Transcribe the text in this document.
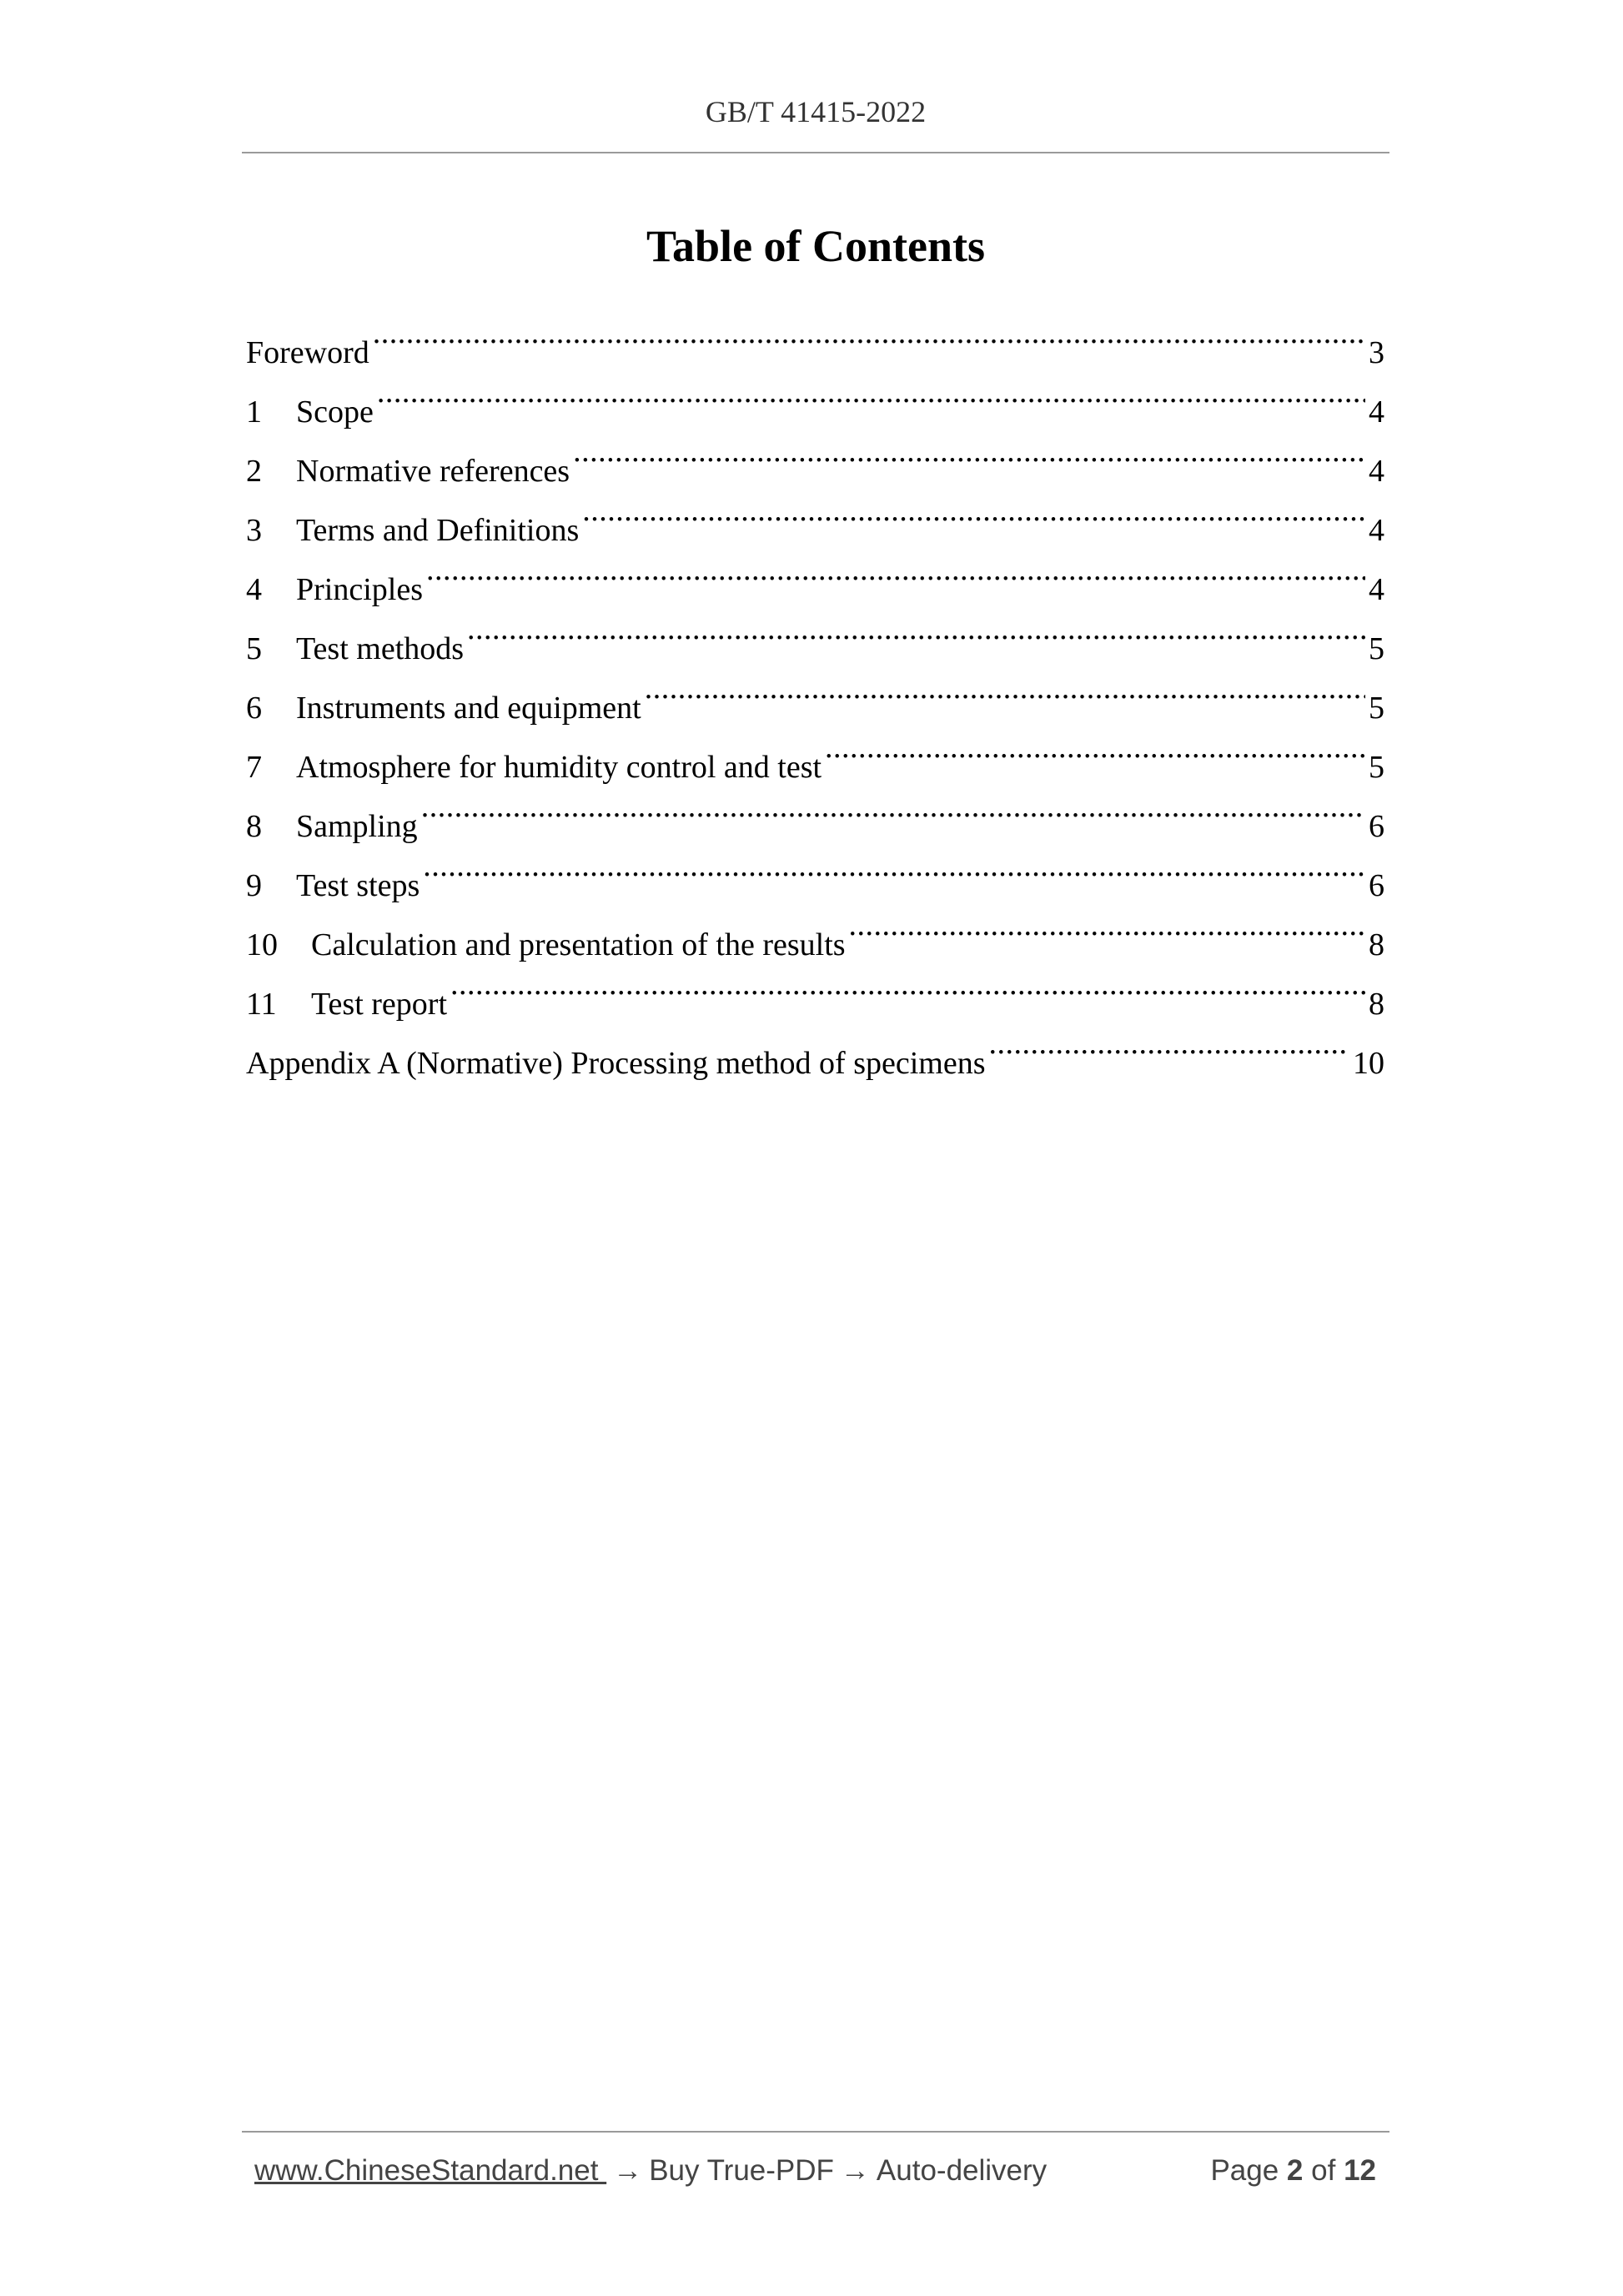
GB/T 41415-2022
Table of Contents
Foreword .....	3
1	Scope .....	4
2	Normative references .....	4
3	Terms and Definitions .....	4
4	Principles .....	4
5	Test methods .....	5
6	Instruments and equipment .....	5
7	Atmosphere for humidity control and test .....	5
8	Sampling .....	6
9	Test steps .....	6
10	Calculation and presentation of the results .....	8
11	Test report .....	8
Appendix A (Normative) Processing method of specimens .....	10
www.ChineseStandard.net → Buy True-PDF → Auto-delivery	Page 2 of 12
